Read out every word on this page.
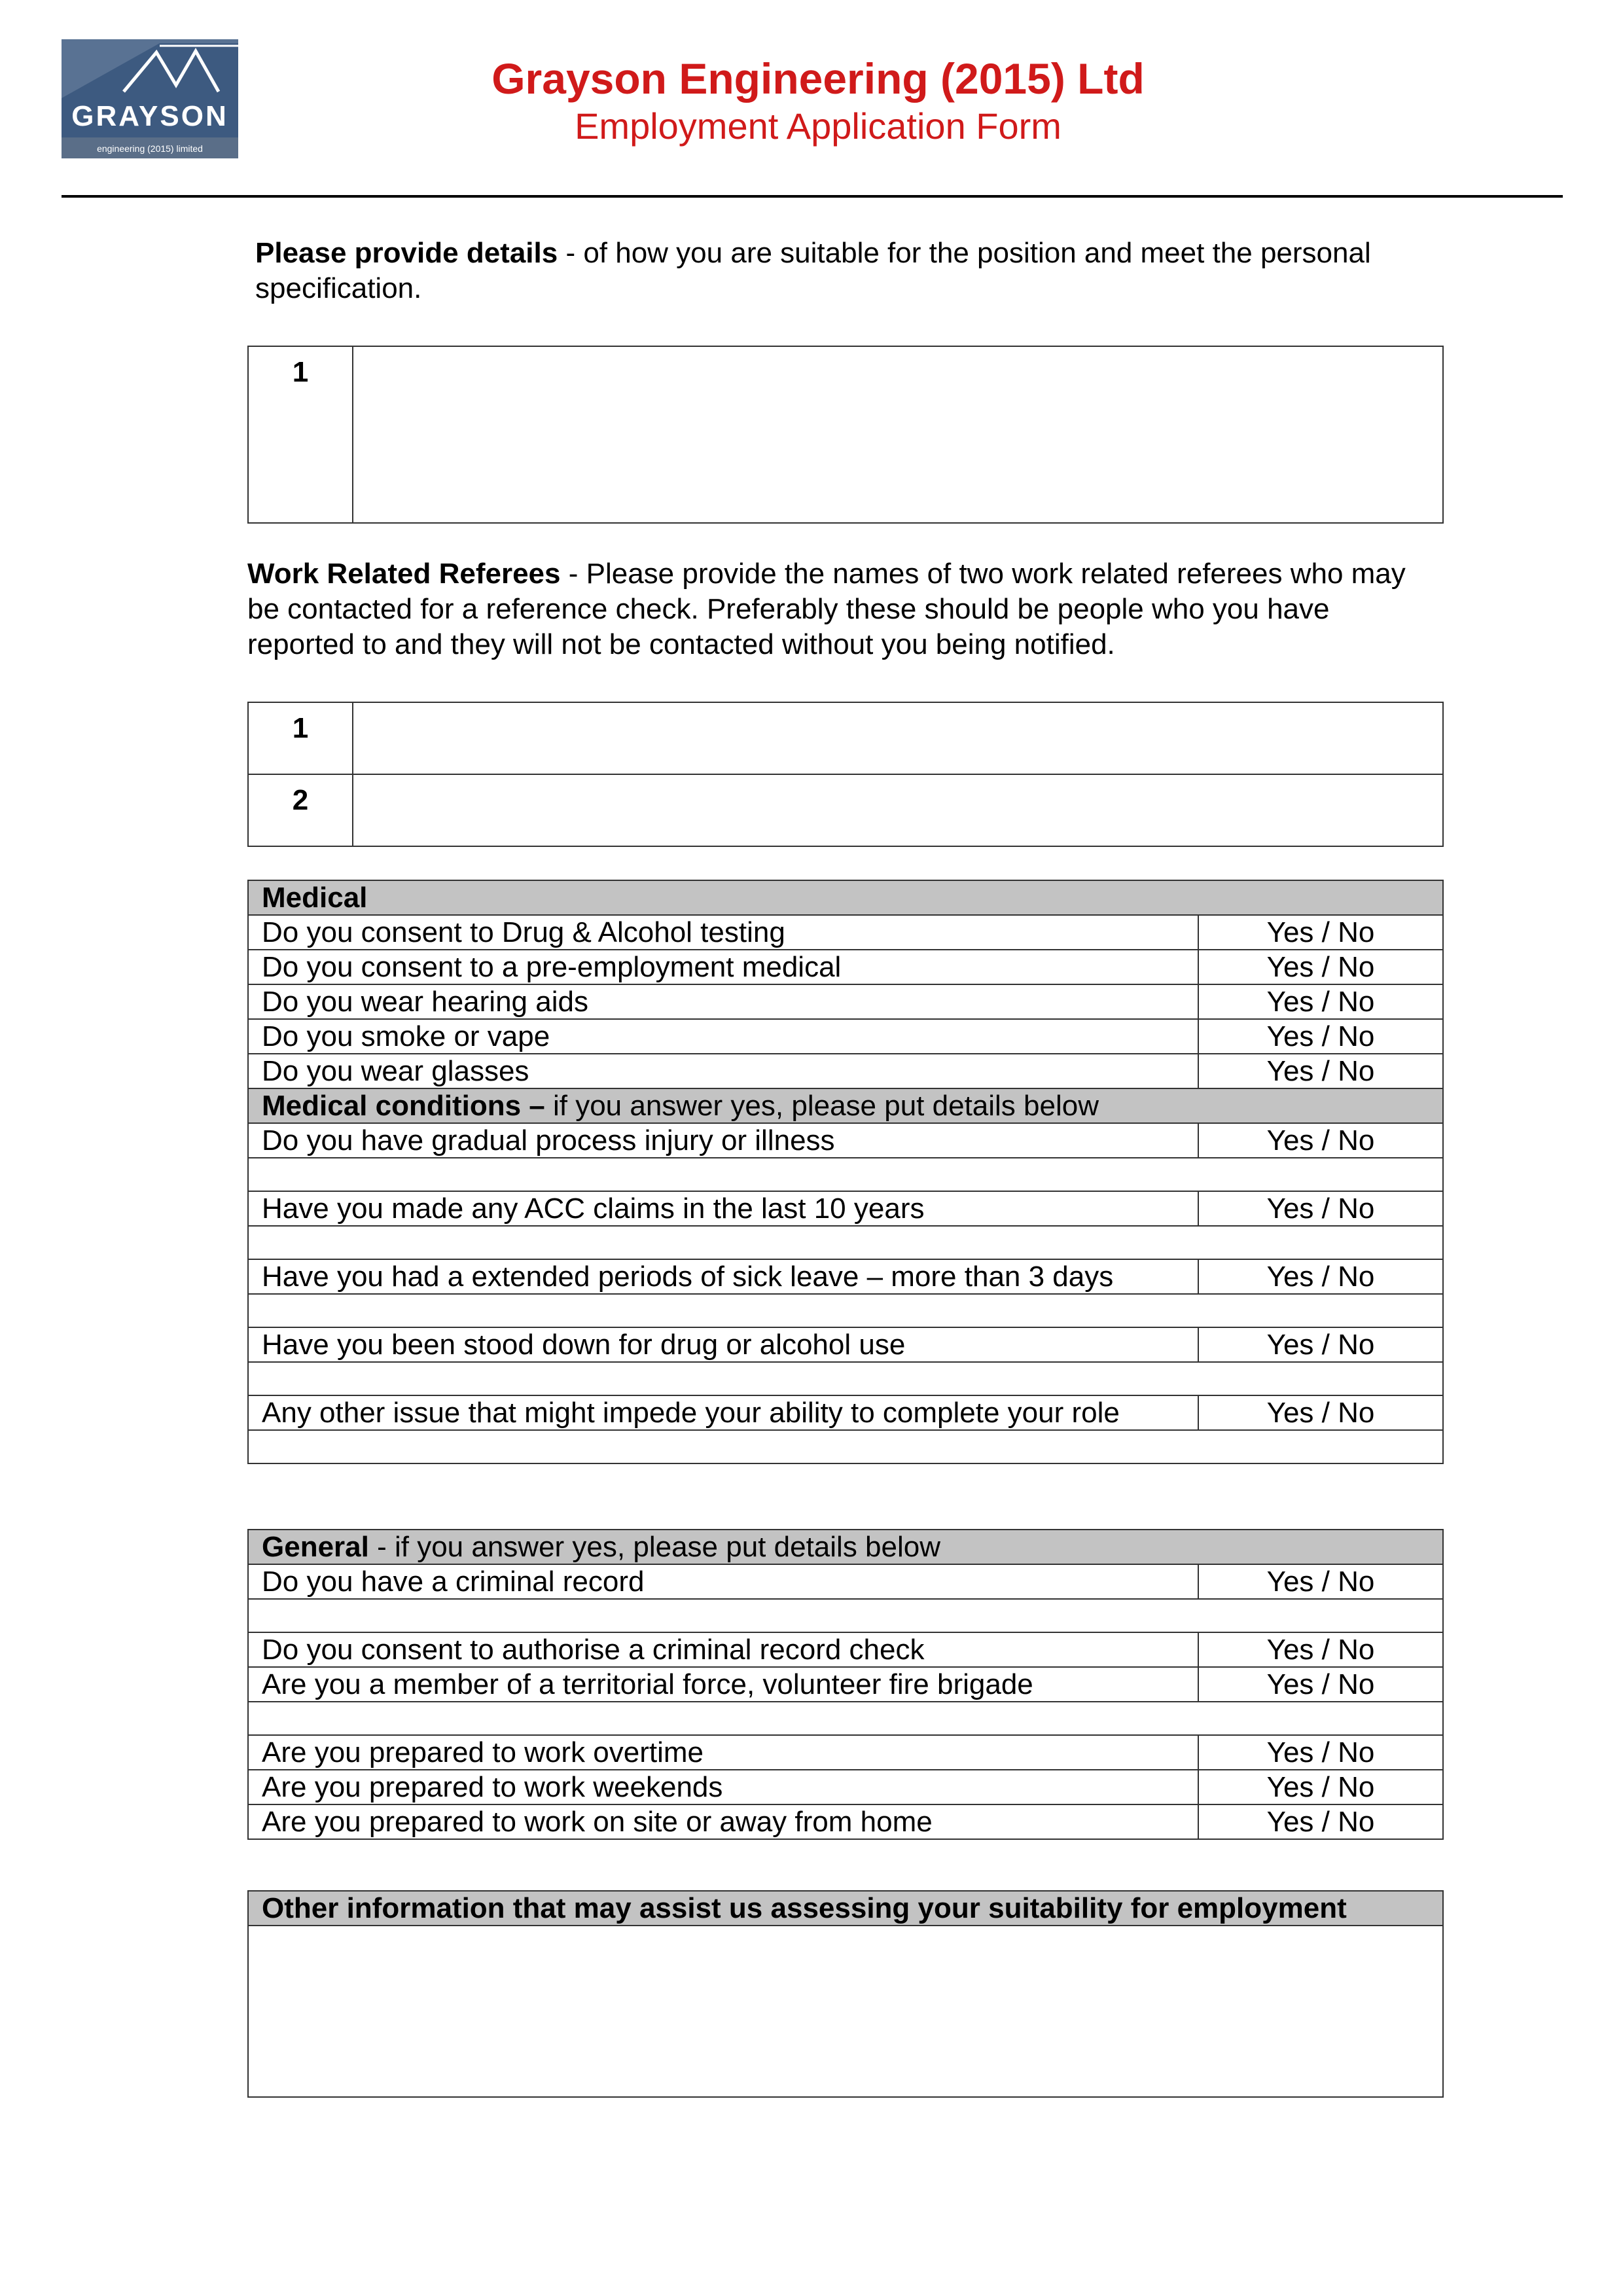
GRAYSON
engineering (2015) limited
Grayson Engineering (2015) Ltd
Employment Application Form
Please provide details - of how you are suitable for the position and meet the personal specification.
1	
Work Related Referees - Please provide the names of two work related referees who may be contacted for a reference check. Preferably these should be people who you have reported to and they will not be contacted without you being notified.
1	
2	
Medical	
Do you consent to Drug & Alcohol testing	Yes / No
Do you consent to a pre-employment medical	Yes / No
Do you wear hearing aids	Yes / No
Do you smoke or vape	Yes / No
Do you wear glasses	Yes / No
Medical conditions – if you answer yes, please put details below	
Do you have gradual process injury or illness	Yes / No

Have you made any ACC claims in the last 10 years	Yes / No

Have you had a extended periods of sick leave – more than 3 days	Yes / No

Have you been stood down for drug or alcohol use	Yes / No

Any other issue that might impede your ability to complete your role	Yes / No

General - if you answer yes, please put details below	
Do you have a criminal record	Yes / No

Do you consent to authorise a criminal record check	Yes / No
Are you a member of a territorial force, volunteer fire brigade	Yes / No

Are you prepared to work overtime	Yes / No
Are you prepared to work weekends	Yes / No
Are you prepared to work on site or away from home	Yes / No
Other information that may assist us assessing your suitability for employment
